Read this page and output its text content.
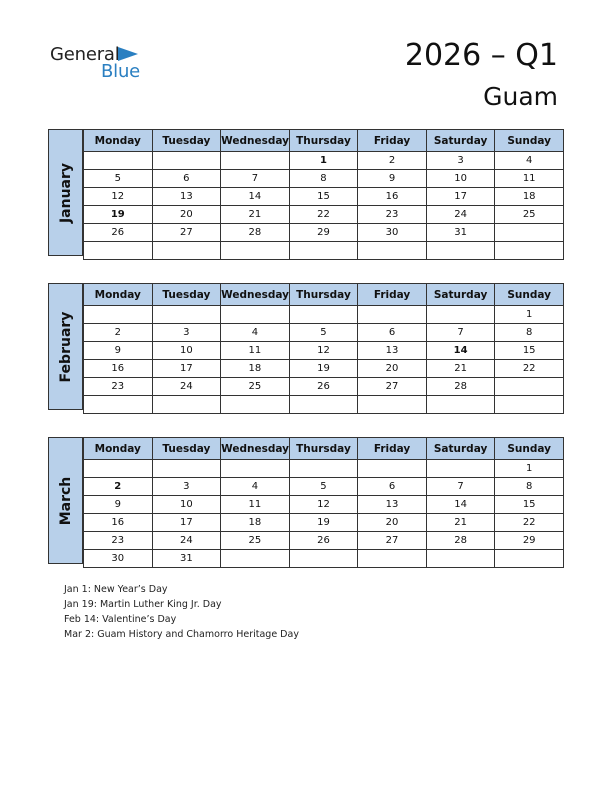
General
Blue	2026 – Q1
Guam
January
Monday	Tuesday	Wednesday	Thursday	Friday	Saturday	Sunday
			1	2	3	4
5	6	7	8	9	10	11
12	13	14	15	16	17	18
19	20	21	22	23	24	25
26	27	28	29	30	31	

February
Monday	Tuesday	Wednesday	Thursday	Friday	Saturday	Sunday
						1
2	3	4	5	6	7	8
9	10	11	12	13	14	15
16	17	18	19	20	21	22
23	24	25	26	27	28	

March
Monday	Tuesday	Wednesday	Thursday	Friday	Saturday	Sunday
						1
2	3	4	5	6	7	8
9	10	11	12	13	14	15
16	17	18	19	20	21	22
23	24	25	26	27	28	29
30	31					
Jan 1: New Year’s Day
Jan 19: Martin Luther King Jr. Day
Feb 14: Valentine’s Day
Mar 2: Guam History and Chamorro Heritage Day
